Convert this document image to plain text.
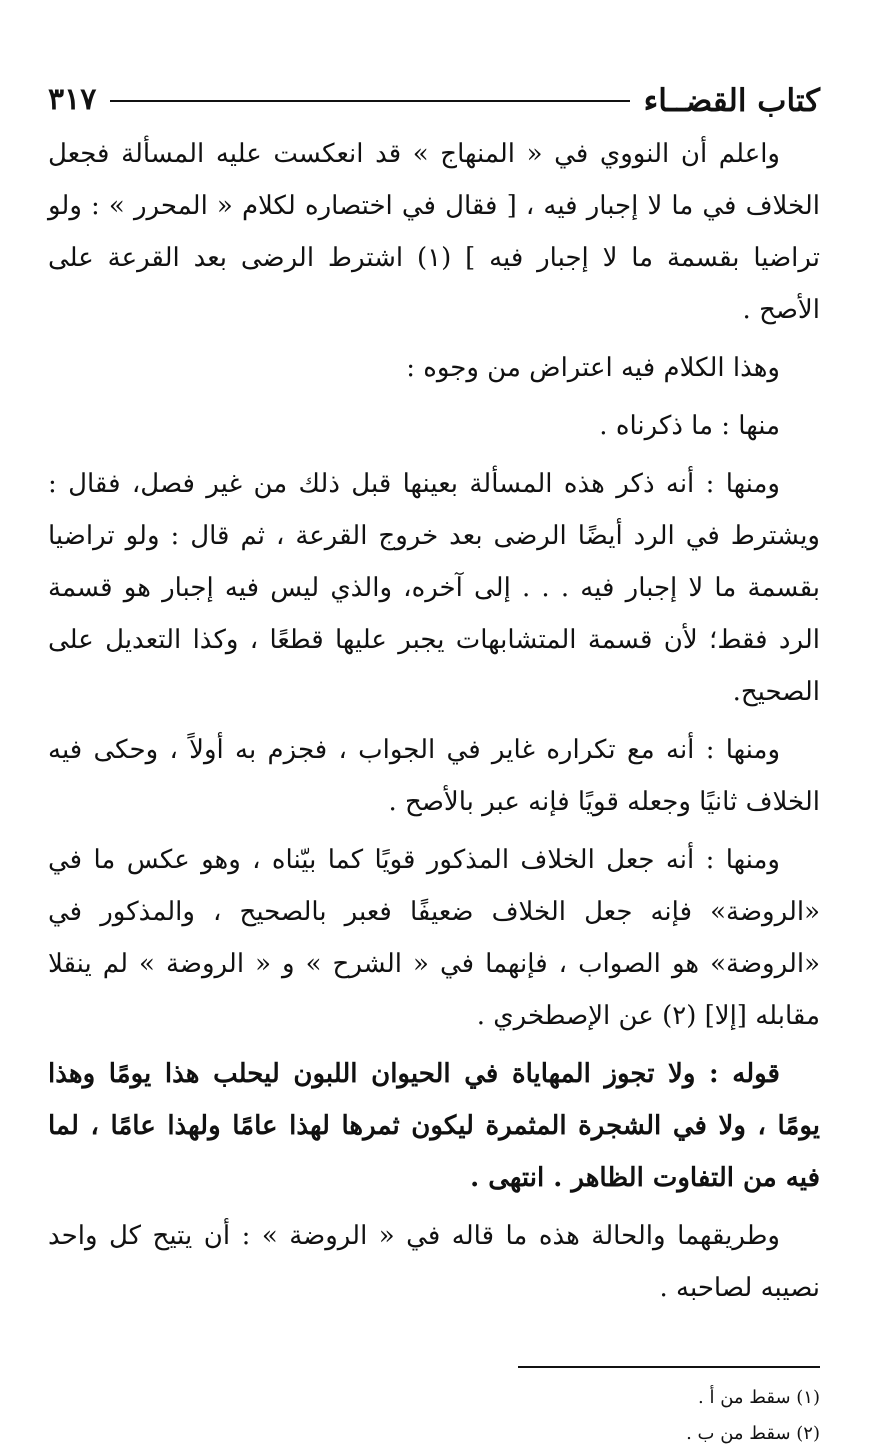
كتاب القضــاء
٣١٧

واعلم أن النووي في « المنهاج » قد انعكست عليه المسألة فجعل الخلاف في ما لا إجبار فيه ، [ فقال في اختصاره لكلام « المحرر » : ولو تراضيا بقسمة ما لا إجبار فيه ] (١) اشترط الرضى بعد القرعة على الأصح .

وهذا الكلام فيه اعتراض من وجوه :

منها : ما ذكرناه .

ومنها : أنه ذكر هذه المسألة بعينها قبل ذلك من غير فصل، فقال : ويشترط في الرد أيضًا الرضى بعد خروج القرعة ، ثم قال : ولو تراضيا بقسمة ما لا إجبار فيه . . . إلى آخره، والذي ليس فيه إجبار هو قسمة الرد فقط؛ لأن قسمة المتشابهات يجبر عليها قطعًا ، وكذا التعديل على الصحيح.

ومنها : أنه مع تكراره غاير في الجواب ، فجزم به أولاً ، وحكى فيه الخلاف ثانيًا وجعله قويًا فإنه عبر بالأصح .

ومنها : أنه جعل الخلاف المذكور قويًا كما بيّناه ، وهو عكس ما في «الروضة» فإنه جعل الخلاف ضعيفًا فعبر بالصحيح ، والمذكور في «الروضة» هو الصواب ، فإنهما في « الشرح » و « الروضة » لم ينقلا مقابله [إلا] (٢) عن الإصطخري .

قوله : ولا تجوز المهاياة في الحيوان اللبون ليحلب هذا يومًا وهذا يومًا ، ولا في الشجرة المثمرة ليكون ثمرها لهذا عامًا ولهذا عامًا ، لما فيه من التفاوت الظاهر . انتهى .

وطريقهما والحالة هذه ما قاله في « الروضة » : أن يتيح كل واحد نصيبه لصاحبه .

(١) سقط من أ .
(٢) سقط من ب .
